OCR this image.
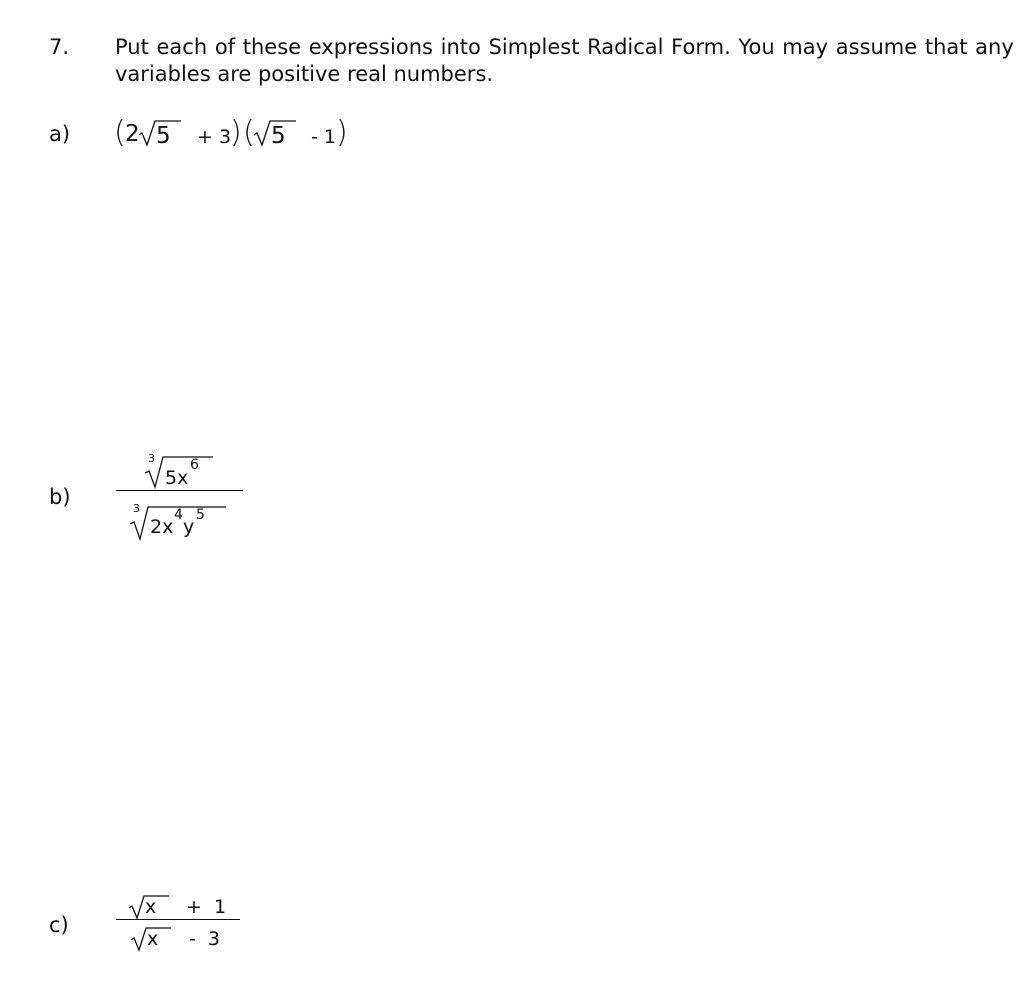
7. Put each of these expressions into Simplest Radical Form. You may assume that any
variables are positive real numbers.
a) ( 2 5 + 3
) ( 5 - 1 )
b)
3
5x
6
3
2x
4
y
5
c)
x +  1
x -  3
